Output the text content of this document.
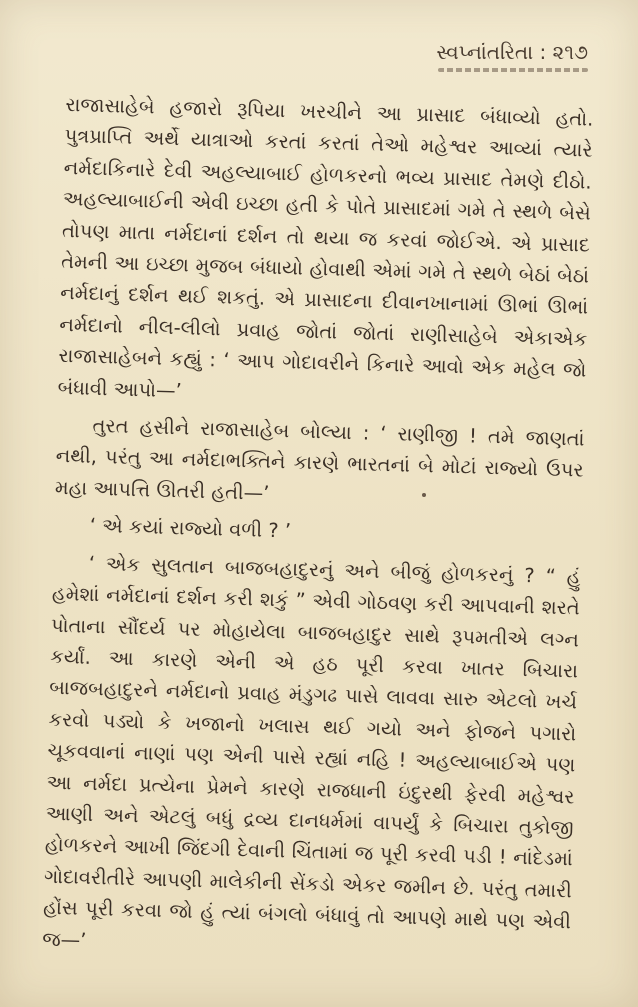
સ્વપ્નાંતરિતા : ૨૧૭

રાજાસાહેબે હજારો રૂપિયા ખરચીને આ પ્રાસાદ બંધાવ્યો હતો. પુત્રપ્રાપ્તિ અર્થે યાત્રાઓ કરતાં કરતાં તેઓ મહેશ્વર આવ્યાં ત્યારે નર્મદાકિનારે દેવી અહલ્યાબાઈ હોળકરનો ભવ્ય પ્રાસાદ તેમણે દીઠો. અહલ્યાબાઈની એવી ઇચ્છા હતી કે પોતે પ્રાસાદમાં ગમે તે સ્થળે બેસે તોપણ માતા નર્મદાનાં દર્શન તો થયા જ કરવાં જોઈએ. એ પ્રાસાદ તેમની આ ઇચ્છા મુજબ બંધાયો હોવાથી એમાં ગમે તે સ્થળે બેઠાં બેઠાં નર્મદાનું દર્શન થઈ શકતું. એ પ્રાસાદના દીવાનખાનામાં ઊભાં ઊભાં નર્મદાનો નીલ-લીલો પ્રવાહ જોતાં જોતાં રાણીસાહેબે એકાએક રાજાસાહેબને કહ્યું : ‘ આપ ગોદાવરીને કિનારે આવો એક મહેલ જો બંધાવી આપો—’

તુરત હસીને રાજાસાહેબ બોલ્યા : ‘ રાણીજી ! તમે જાણતાં નથી, પરંતુ આ નર્મદાભક્તિને કારણે ભારતનાં બે મોટાં રાજ્યો ઉપર મહા આપત્તિ ઊતરી હતી—’

‘ એ કયાં રાજ્યો વળી ? ’

‘ એક સુલતાન બાજબહાદુરનું અને બીજું હોળકરનું ? “ હું હમેશાં નર્મદાનાં દર્શન કરી શકું ” એવી ગોઠવણ કરી આપવાની શરતે પોતાના સૌંદર્ય પર મોહાયેલા બાજબહાદુર સાથે રૂપમતીએ લગ્ન કર્યાં. આ કારણે એની એ હઠ પૂરી કરવા ખાતર બિચારા બાજબહાદુરને નર્મદાનો પ્રવાહ મંડુગઢ પાસે લાવવા સારુ એટલો ખર્ચ કરવો પડ્યો કે ખજાનો ખલાસ થઈ ગયો અને ફોજને પગારો ચૂકવવાનાં નાણાં પણ એની પાસે રહ્યાં નહિ ! અહલ્યાબાઈએ પણ આ નર્મદા પ્રત્યેના પ્રેમને કારણે રાજધાની ઇંદુરથી ફેરવી મહેશ્વર આણી અને એટલું બધું દ્રવ્ય દાનધર્મમાં વાપર્યું કે બિચારા તુકોજી હોળકરને આખી જિંદગી દેવાની ચિંતામાં જ પૂરી કરવી પડી ! નાંદેડમાં ગોદાવરીતીરે આપણી માલેકીની સેંકડો એકર જમીન છે. પરંતુ તમારી હોંસ પૂરી કરવા જો હું ત્યાં બંગલો બંધાવું તો આપણે માથે પણ એવી જ—’
